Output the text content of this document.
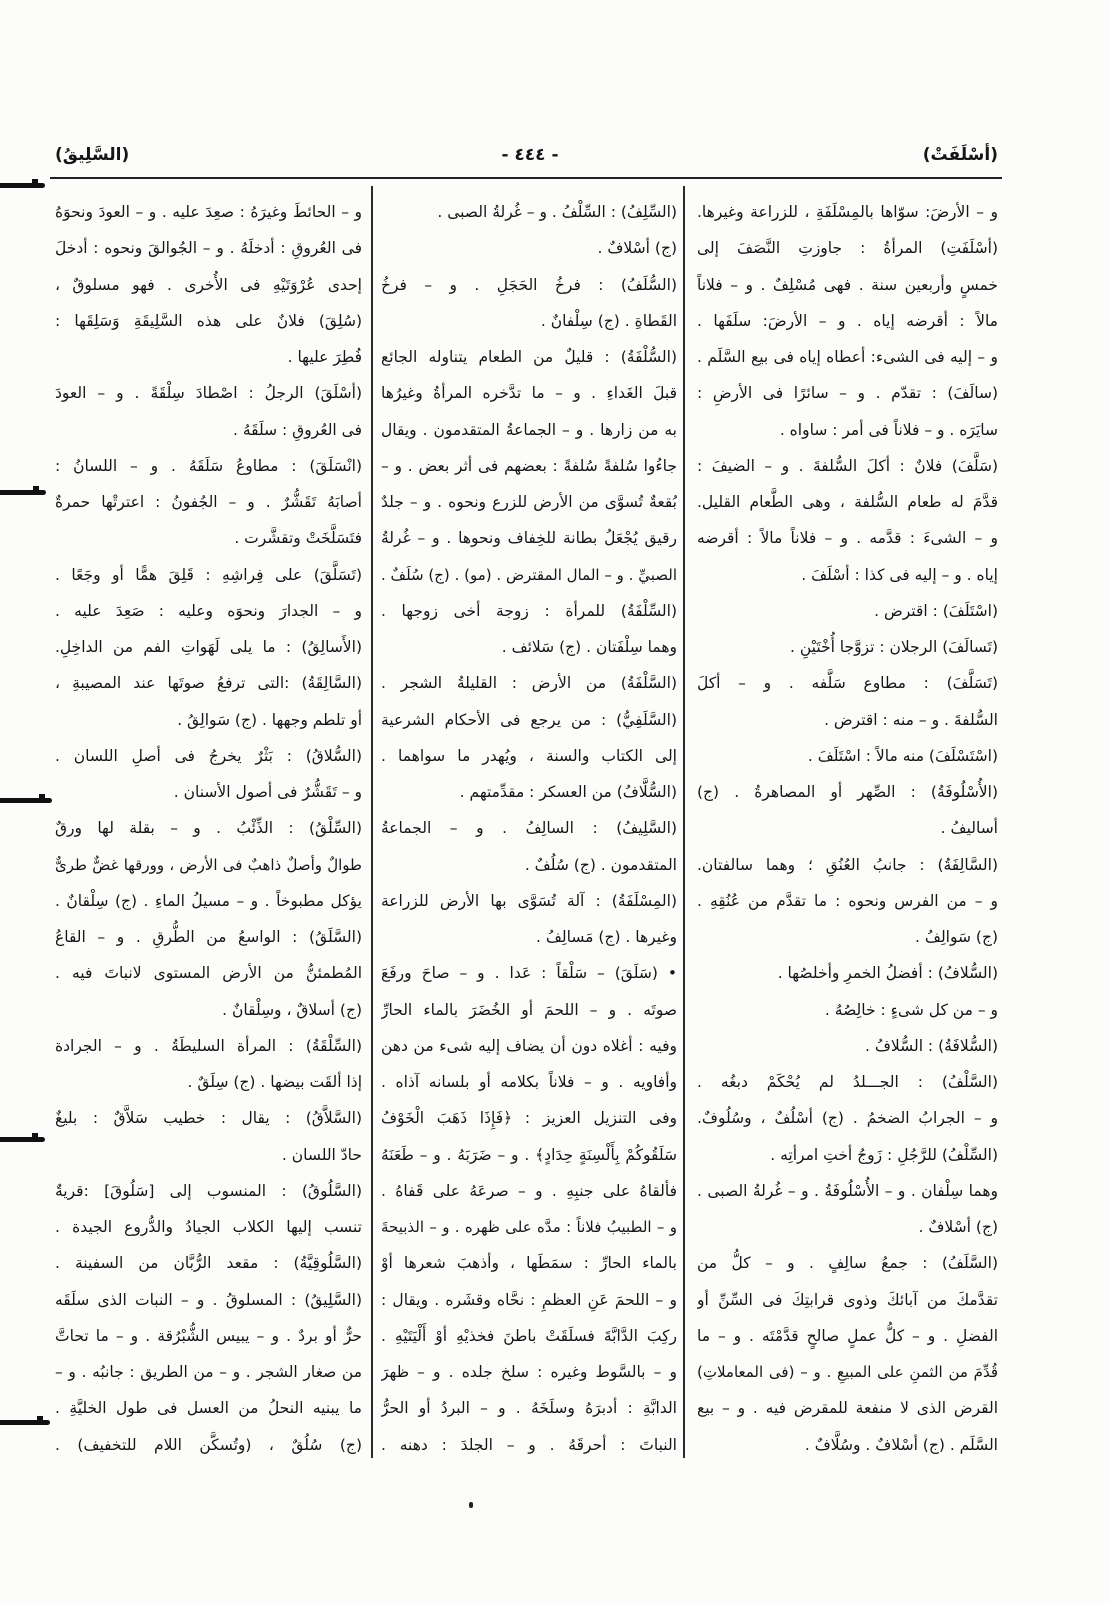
(أسْلَفَتْ)
- ٤٤٤ -
(السَّلِيقُ)
و – الأرضَ: سوّاها بالمِسْلَفَةِ ، للزراعة وغيرها.
(أسْلَفَتِ) المرأةُ : جاوزتِ النَّصَفَ إلى
خمسٍ وأربعين سنة . فهى مُسْلِفٌ . و – فلاناً
مالاً : أقرضه إياه . و – الأرضَ: سلَفَها .
و – إليه فى الشىء: أعطاه إياه فى بيع السَّلَم .
(سالَفَ) : تقدّم . و – سائرًا فى الأرضِ :
سايَرَه . و – فلاناً فى أمر : ساواه .
(سَلَّفَ) فلانٌ : أكلَ السُّلفةَ . و – الضيفَ :
قدَّمَ له طعام السُّلفة ، وهى الطَّعام القليل.
و – الشىءَ : قدَّمه . و – فلاناً مالاً : أقرضه
إياه . و – إليه فى كذا : أسْلَفَ .
(اسْتَلَفَ) : اقترض .
(تَسالَفَ) الرجلان : تزوَّجا أُخْتَيْنِ .
(تَسَلَّفَ) : مطاوع سَلَّفه . و – أكلَ
السُّلفةَ . و – منه : اقترض .
(اسْتَسْلَفَ) منه مالاً : اسْتَلَفَ .
(الأُسْلُوفَةُ) : الصِّهر أو المصاهرةُ . (ج)
أساليفُ .
(السَّالِفَةُ) : جانبُ العُنُقِ ؛ وهما سالفتان.
و – من الفرس ونحوه : ما تقدَّم من عُنُقِهِ .
(ج) سَوالِفُ .
(السُّلافُ) : أفضلُ الخمرِ وأخلصُها .
و – من كل شىءٍ : خالِصُهُ .
(السُّلافَةُ) : السُّلافُ .
(السَّلْفُ) : الجـــلدُ لم يُحْكَمْ دبغُه .
و – الجرابُ الضخمُ . (ج) أسْلُفٌ ، وسُلُوفٌ.
(السِّلْفُ) للرَّجُلِ : زَوجُ أختِ امرأتِه .
وهما سِلْفان . و – الأُسْلُوفَةُ . و – غُرلةُ الصبى .
(ج) أسْلافٌ .
(السَّلَفُ) : جمعُ سالِفٍ . و – كلُّ من
تقدَّمكَ من آبائكَ وذوى قرابتِكَ فى السِّنِّ أو
الفضلِ . و – كلُّ عملٍ صالحٍ قدَّمْتَه . و – ما
قُدِّمَ من الثمنِ على المبيعِ . و – (فى المعاملاتِ)
القرض الذى لا منفعة للمقرض فيه . و – بيع
السَّلَم . (ج) أسْلافٌ . وسُلَّافٌ .
(السِّلِفُ) : السِّلْفُ . و – غُرلةُ الصبى .
(ج) أسْلافٌ .
(السُّلَفُ) : فرخُ الحَجَلِ . و – فرخُ
القَطاةِ . (ج) سِلْفانٌ .
(السُّلْفَةُ) : قليلٌ من الطعام يتناوله الجائع
قبلَ الغَداءِ . و – ما تدَّخره المرأةُ وغيرُها
به من زارها . و – الجماعةُ المتقدمون . ويقال
جاءُوا سُلفةً سُلفةً : بعضهم فى أثر بعض . و –
بُقعةٌ تُسوَّى من الأرض للزرع ونحوه . و – جلدٌ
رقيق يُجْعَلُ بطانة للخِفاف ونحوها . و – غُرلةُ
الصبيِّ . و – المال المقترض . (مو) . (ج) سُلَفٌ .
(السِّلْفَةُ) للمرأة : زوجة أخى زوجها .
وهما سِلْفَتان . (ج) سَلائف .
(السَّلْفَةُ) من الأرض : القليلةُ الشجر .
(السَّلَفِيُّ) : من يرجع فى الأحكام الشرعية
إلى الكتاب والسنة ، ويُهدر ما سواهما .
(السُّلَّافُ) من العسكر : مقدِّمتهم .
(السَّلِيفُ) : السالِفُ . و – الجماعةُ
المتقدمون . (ج) سُلُفٌ .
(المِسْلَفَةُ) : آلة تُسَوَّى بها الأرض للزراعة
وغيرها . (ج) مَسالِفُ .
• (سَلَقَ) – سَلْقاً : عَدا . و – صاحَ ورفَعَ
صوتَه . و – اللحمَ أو الخُضَرَ بالماء الحارِّ
وفيه : أغلاه دون أن يضاف إليه شىء من دهن
وأفاويه . و – فلاناً بكلامه أو بلسانه آذاه .
وفى التنزيل العزيز : ﴿فَإِذَا ذَهَبَ الْخَوْفُ
سَلَقُوكُمْ بِأَلْسِنَةٍ حِدَادٍ﴾ . و – ضَرَبَهُ . و – طَعَنَهُ
فألقاهُ على جنبِهِ . و – صرعَهُ على قَفاهُ .
و – الطبيبُ فلاناً : مدَّه على ظهره . و – الذبيحةَ
بالماء الحارِّ : سمَطَها ، وأذهبَ شعرها أوْ
و – اللحمَ عَنِ العظمِ : نحَّاه وقشَره . ويقال :
ركِبَ الدَّابَّةَ فسلَقَتْ باطنَ فخذيْهِ أوْ أَلْيَتَيْهِ .
و – بالسَّوط وغيره : سلخ جلده . و – ظهرَ
الدابَّةِ : أدبرَهُ وسلَخَهُ . و – البردُ أو الحرُّ
النباتَ : أحرقَهُ . و – الجلدَ : دهنه .
و – الحائطَ وغيرَهُ : صعِدَ عليه . و – العودَ ونحوَهُ
فى العُروقِ : أدخلَهُ . و – الجُوالقَ ونحوه : أدخلَ
إحدى عُرْوَتَيْهِ فى الأُخرى . فهو مسلوقٌ ،
(سُلِقَ) فلانٌ على هذه السَّلِيقَةِ وَسَلِقَها :
فُطِرَ عليها .
(أسْلَقَ) الرجلُ : اصْطادَ سِلْقَةً . و – العودَ
فى العُروقِ : سلَقَهُ .
(انْسَلَقَ) : مطاوعُ سَلَقَهُ . و – اللسانُ :
أصابَهُ تَقَشُّرٌ . و – الجُفونُ : اعترتْها حمرةٌ
فتَسَلَّخَتْ وتقشَّرت .
(تَسَلَّقَ) على فِراشِهِ : قَلِقَ همًّا أو وجَعًا .
و – الجدارَ ونحوَه وعليه : صَعِدَ عليه .
(الأَسالِقُ) : ما يلى لَهَواتِ الفم من الداخِلِ.
(السَّالِقَةُ) :التى ترفعُ صوتَها عند المصيبةِ ،
أو تلطم وجهها . (ج) سَوالِقُ .
(السُّلاقُ) : بَثْرٌ يخرجُ فى أصلِ اللسان .
و – تَقَشُّرٌ فى أصول الأسنان .
(السِّلْقُ) : الذِّئْبُ . و – بقلة لها ورقٌ
طوالٌ وأصلٌ ذاهبٌ فى الأرض ، وورقها غضٌّ طرىٌّ
يؤكل مطبوخاً . و – مسيلُ الماءِ . (ج) سِلْقانٌ .
(السَّلَقُ) : الواسعُ من الطُّرقِ . و – القاعُ
المُطمئنُّ من الأرض المستوى لانباتَ فيه .
(ج) أسلاقٌ ، وسِلْقانٌ .
(السِّلْقَةُ) : المرأة السليطَةُ . و – الجرادة
إذا ألقَت بيضها . (ج) سِلَقٌ .
(السَّلاَّقُ) : يقال : خطيب سَلاَّقٌ : بليغٌ
حادّ اللسان .
(السَّلُوقُ) : المنسوب إلى [سَلُوقَ] :قريةٌ
تنسب إليها الكلاب الجيادُ والدُّروع الجيدة .
(السَّلُوقِيَّةُ) : مقعد الرُّبَّان من السفينة .
(السَّلِيقُ) : المسلوقُ . و – النبات الذى سلَقَه
حرٌّ أو بردٌ . و – يبيس الشُّبْرُقة . و – ما تحاتَّ
من صغار الشجر . و – من الطريق : جانبُه . و –
ما يبنيه النحلُ من العسل فى طول الخليَّةِ .
(ج) سُلُقٌ ، (وتُسكَّن اللام للتخفيف) .
